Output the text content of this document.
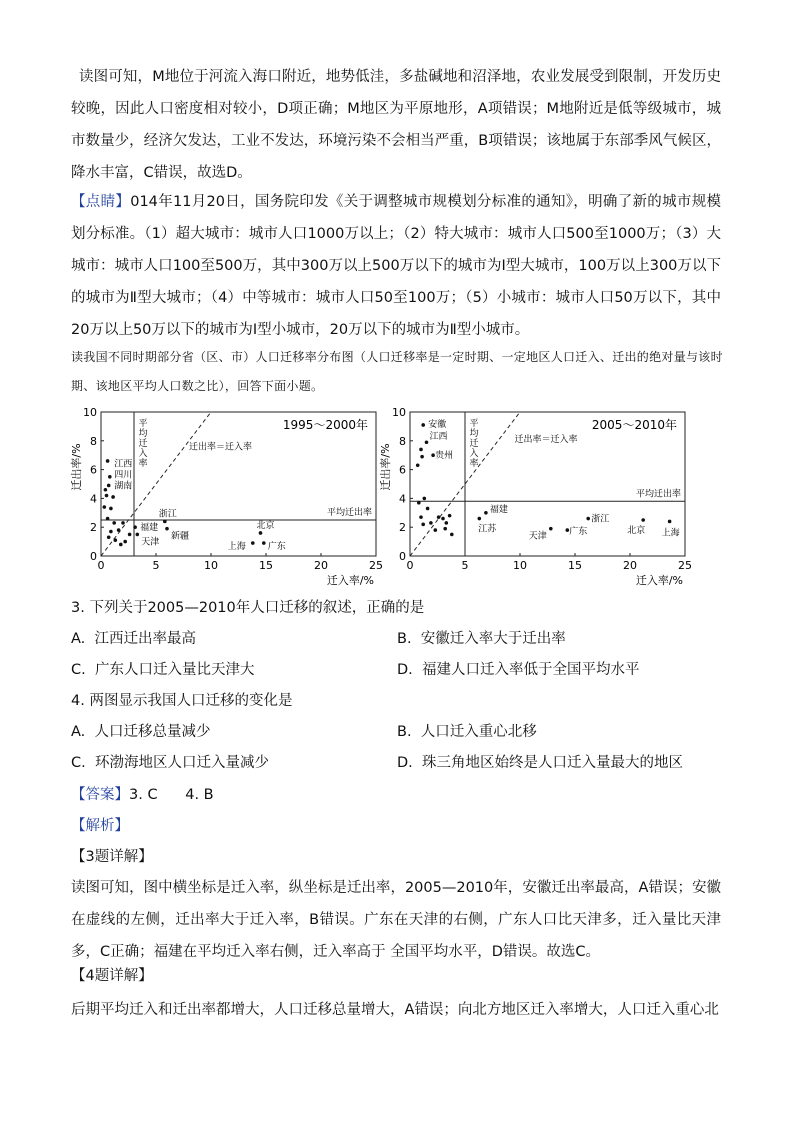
读图可知，M地位于河流入海口附近，地势低洼，多盐碱地和沼泽地，农业发展受到限制，开发历史较晚，因此人口密度相对较小，D项正确；M地区为平原地形，A项错误；M地附近是低等级城市，城市数量少，经济欠发达，工业不发达，环境污染不会相当严重，B项错误；该地属于东部季风气候区，降水丰富，C错误，故选D。
【点睛】014年11月20日，国务院印发《关于调整城市规模划分标准的通知》，明确了新的城市规模划分标准。（1）超大城市：城市人口1000万以上；（2）特大城市：城市人口500至1000万；（3）大城市：城市人口100至500万，其中300万以上500万以下的城市为Ⅰ型大城市，100万以上300万以下的城市为Ⅱ型大城市；（4）中等城市：城市人口50至100万；（5）小城市：城市人口50万以下，其中20万以上50万以下的城市为Ⅰ型小城市，20万以下的城市为Ⅱ型小城市。
读我国不同时期部分省（区、市）人口迁移率分布图（人口迁移率是一定时期、一定地区人口迁入、迁出的绝对量与该时期、该地区平均人口数之比），回答下面小题。
0	5	10	15	20	25
0
2
4
6
8
10
迁入率/%
迁出率/%
1995～2000年
平
均
迁
入
率
迁出率＝迁入率
平均迁出率
天津
福建
新疆
浙江
北京
上海 广东
江西
四川
湖南
0	5	10	15	20	25
0
2
4
6
8
10
迁入率/%
迁出率/%
2005～2010年
平
均
迁
入
率
迁出率＝迁入率
平均迁出率
安徽
江西
贵州
福建
江苏
天津 广东
浙江
北京 上海
3. 下列关于2005—2010年人口迁移的叙述，正确的是
A. 江西迁出率最高	B. 安徽迁入率大于迁出率
C. 广东人口迁入量比天津大	D. 福建人口迁入率低于全国平均水平
4. 两图显示我国人口迁移的变化是
A. 人口迁移总量减少	B. 人口迁入重心北移
C. 环渤海地区人口迁入量减少	D. 珠三角地区始终是人口迁入量最大的地区
【答案】3. C      4. B
【解析】
【3题详解】
读图可知，图中横坐标是迁入率，纵坐标是迁出率，2005—2010年，安徽迁出率最高，A错误；安徽在虚线的左侧，迁出率大于迁入率，B错误。广东在天津的右侧，广东人口比天津多，迁入量比天津多，C正确；福建在平均迁入率右侧，迁入率高于 全国平均水平，D错误。故选C。
【4题详解】
后期平均迁入和迁出率都增大，人口迁移总量增大，A错误；向北方地区迁入率增大，人口迁入重心北
